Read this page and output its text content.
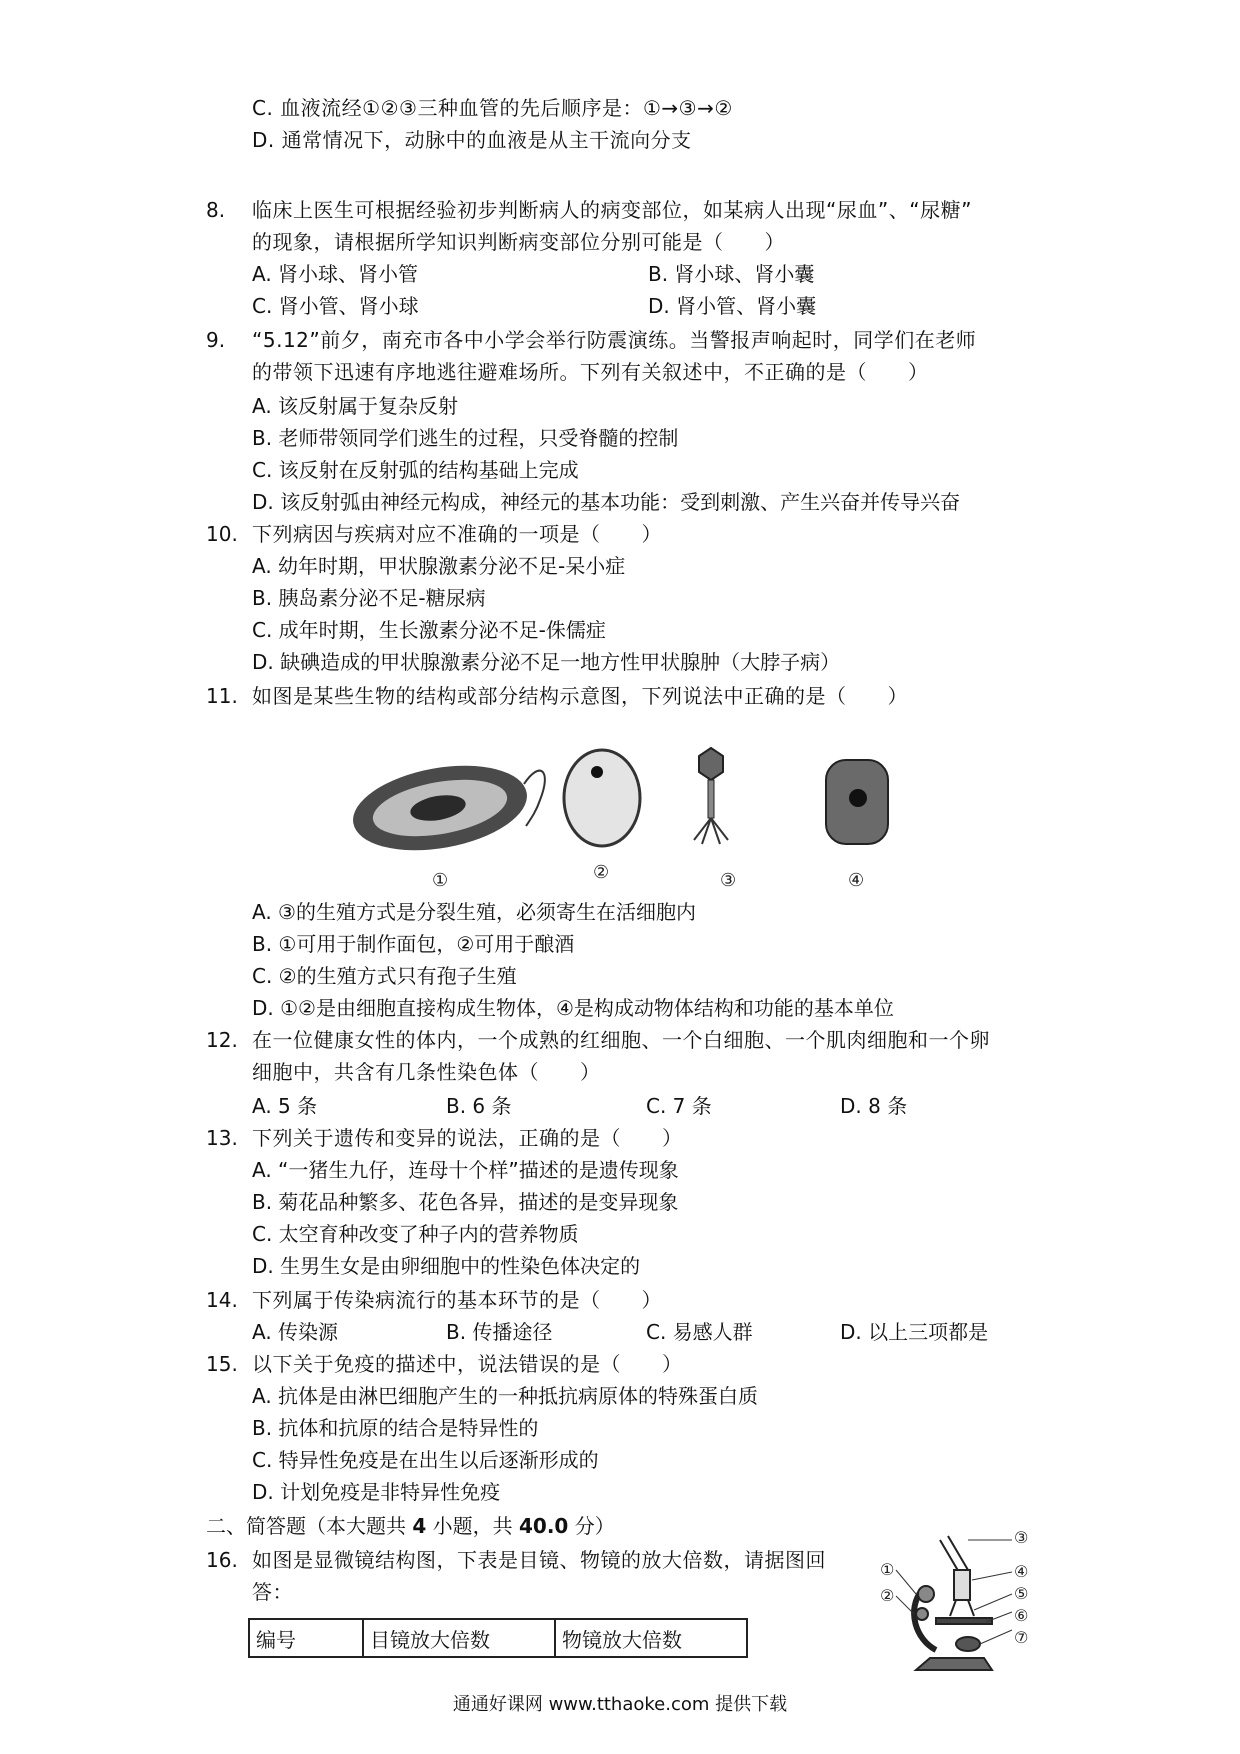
C. 血液流经①②③三种血管的先后顺序是：①→③→②
D. 通常情况下，动脉中的血液是从主干流向分支
8. 临床上医生可根据经验初步判断病人的病变部位，如某病人出现“尿血”、“尿糖”
的现象，请根据所学知识判断病变部位分别可能是（　　）
A. 肾小球、肾小管	B. 肾小球、肾小囊
C. 肾小管、肾小球	D. 肾小管、肾小囊
9. “5.12”前夕，南充市各中小学会举行防震演练。当警报声响起时，同学们在老师
的带领下迅速有序地逃往避难场所。下列有关叙述中，不正确的是（　　）
A. 该反射属于复杂反射
B. 老师带领同学们逃生的过程，只受脊髓的控制
C. 该反射在反射弧的结构基础上完成
D. 该反射弧由神经元构成，神经元的基本功能：受到刺激、产生兴奋并传导兴奋
10. 下列病因与疾病对应不准确的一项是（　　）
A. 幼年时期，甲状腺激素分泌不足-呆小症
B. 胰岛素分泌不足-糖尿病
C. 成年时期，生长激素分泌不足-侏儒症
D. 缺碘造成的甲状腺激素分泌不足一地方性甲状腺肿（大脖子病）
11. 如图是某些生物的结构或部分结构示意图，下列说法中正确的是（　　）
①	②	③	④
A. ③的生殖方式是分裂生殖，必须寄生在活细胞内
B. ①可用于制作面包，②可用于酿酒
C. ②的生殖方式只有孢子生殖
D. ①②是由细胞直接构成生物体，④是构成动物体结构和功能的基本单位
12. 在一位健康女性的体内，一个成熟的红细胞、一个白细胞、一个肌肉细胞和一个卵
细胞中，共含有几条性染色体（　　）
A. 5 条	B. 6 条	C. 7 条	D. 8 条
13. 下列关于遗传和变异的说法，正确的是（　　）
A. “一猪生九仔，连母十个样”描述的是遗传现象
B. 菊花品种繁多、花色各异，描述的是变异现象
C. 太空育种改变了种子内的营养物质
D. 生男生女是由卵细胞中的性染色体决定的
14. 下列属于传染病流行的基本环节的是（　　）
A. 传染源	B. 传播途径	C. 易感人群	D. 以上三项都是
15. 以下关于免疫的描述中，说法错误的是（　　）
A. 抗体是由淋巴细胞产生的一种抵抗病原体的特殊蛋白质
B. 抗体和抗原的结合是特异性的
C. 特异性免疫是在出生以后逐渐形成的
D. 计划免疫是非特异性免疫
二、简答题（本大题共 4 小题，共 40.0 分）
16. 如图是显微镜结构图，下表是目镜、物镜的放大倍数，请据图回
答：
编号	目镜放大倍数	物镜放大倍数
③
①
②
④
⑤
⑥
⑦
通通好课网 www.tthaoke.com 提供下载
